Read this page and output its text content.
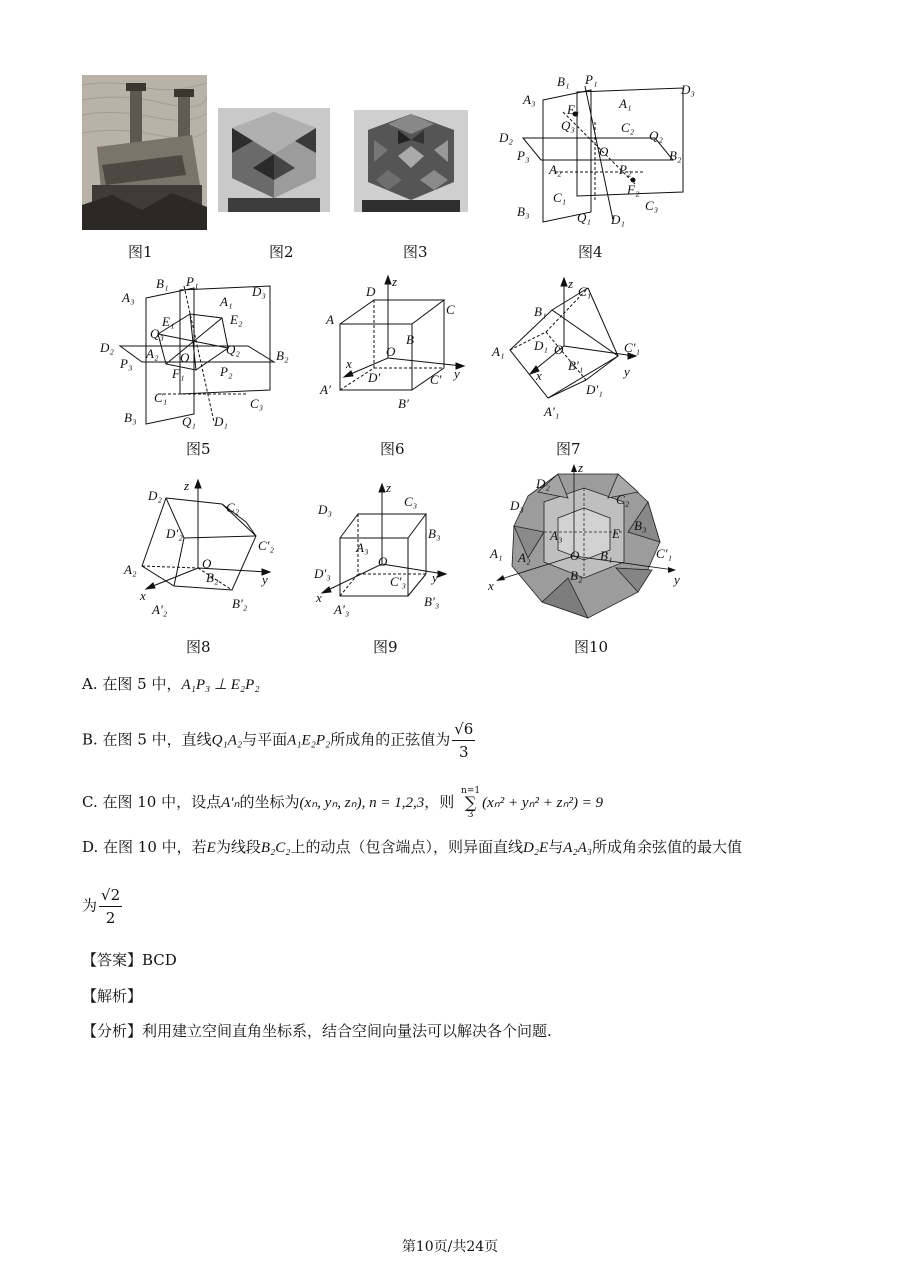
图1	图2	图3
B₁ P₁
D₃
A₃	A₁
E₁
Q₃	C₂
Q₂
D₂
P₃	O	B₂
A₂	P₂
F₂
C₁
B₃	Q₁ D₁
C₃
图4
B₁ P₁
A₃	A₁
D₃
E₂
E₁
Q₃
Q₂
D₂ A₂ O	B₂
P₃
F₁	P₂
C₁	C₃
B₃	Q₁ D₁
图5
z
D
C
A
B
x
O
D′	y
C′
A′
B′
图6
z
C₁
B₁
A₁ D₁ O	C′₁
x
B′₁	y
D′₁
A′₁
图7
z
D₂
C₂
D′₂
C′₂
A₂	O
B₂	y
x
A′₂	B′₂
图8
z
D₃
C₃
A₃
B₃
D′₃
O
C′₃ y
x
A′₃
B′₃
图9
z
D₂
C₂
D₃
B₃
A₃	E
A₁ A₂	O B₁	C′₁
B₂
x	y
图10
A. 在图 5 中，A₁P₃ ⊥ E₂P₂
B. 在图 5 中，直线Q₁A₂与平面A₁E₂P₂所成角的正弦值为 $\frac{√6}{3}$
C. 在图 10 中，设点A′ₙ的坐标为(xₙ, yₙ, zₙ), n = 1,2,3，则
n=1
∑
3
(xₙ² + yₙ² + zₙ²) = 9
D. 在图 10 中，若E为线段B₂C₂上的动点（包含端点），则异面直线D₂E与A₂A₃所成角余弦值的最大值
为 $\frac{√2}{2}$
【答案】BCD
【解析】
【分析】利用建立空间直角坐标系，结合空间向量法可以解决各个问题.
第10页/共24页
